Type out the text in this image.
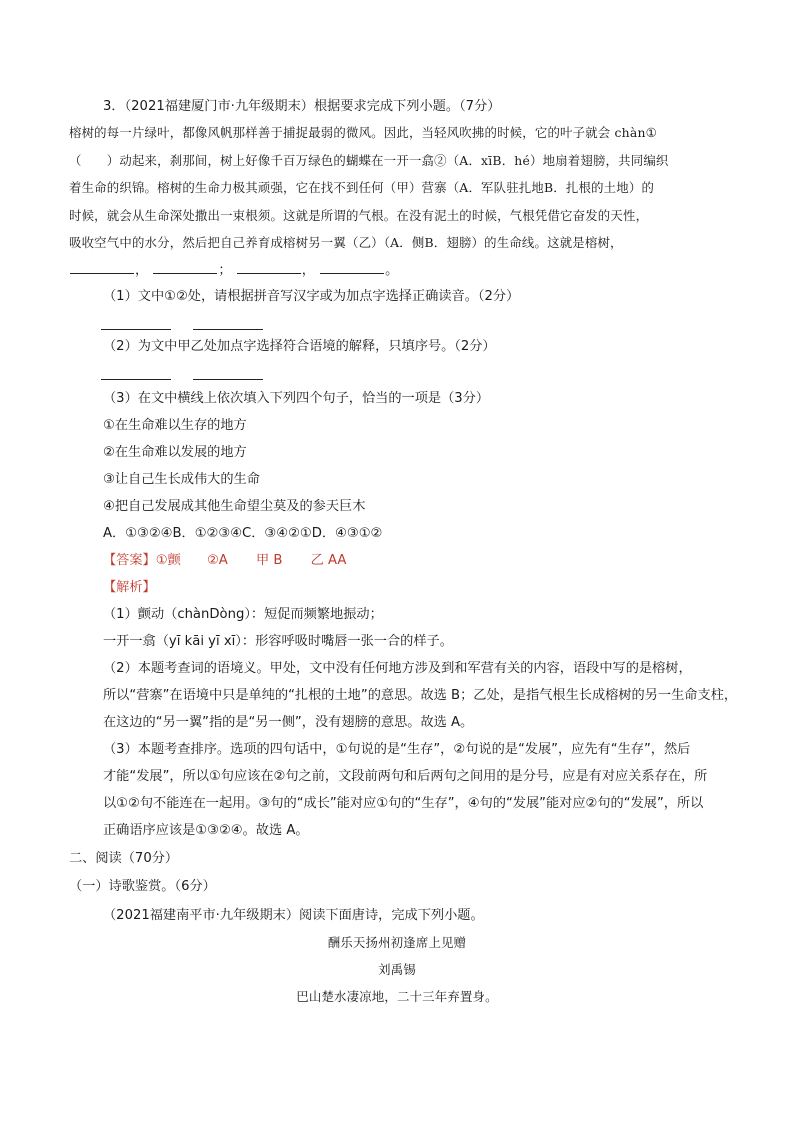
3．（2021福建厦门市·九年级期末）根据要求完成下列小题。（7分）
榕树的每一片绿叶，都像风帆那样善于捕捉最弱的微风。因此，当轻风吹拂的时候，它的叶子就会 chàn①
（　　）动起来，刹那间，树上好像千百万绿色的蝴蝶在一开一翕②（A．xīB．hé）地扇着翅膀，共同编织
着生命的织锦。榕树的生命力极其顽强，它在找不到任何（甲）营寨（A．军队驻扎地B．扎根的土地）的
时候，就会从生命深处撒出一束根须。这就是所谓的气根。在没有泥土的时候，气根凭借它奋发的天性，
吸收空气中的水分，然后把自己养育成榕树另一翼（乙）（A．侧B．翅膀）的生命线。这就是榕树，
，	；	，	。
（1）文中①②处，请根据拼音写汉字或为加点字选择正确读音。（2分）

（2）为文中甲乙处加点字选择符合语境的解释，只填序号。（2分）

（3）在文中横线上依次填入下列四个句子，恰当的一项是（3分）
①在生命难以生存的地方
②在生命难以发展的地方
③让自己生长成伟大的生命
④把自己发展成其他生命望尘莫及的参天巨木
A．①③②④B．①②③④C．③④②①D．④③①②
【答案】①颤 ②A 甲 B 乙 AA
【解析】
（1）颤动（chànDòng）：短促而频繁地振动；
一开一翕（yī kāi yī xī）：形容呼吸时嘴唇一张一合的样子。
（2）本题考查词的语境义。甲处，文中没有任何地方涉及到和军营有关的内容，语段中写的是榕树，
所以“营寨”在语境中只是单纯的“扎根的土地”的意思。故选 B；乙处，是指气根生长成榕树的另一生命支柱，
在这边的“另一翼”指的是“另一侧”，没有翅膀的意思。故选 A。
（3）本题考查排序。选项的四句话中，①句说的是“生存”，②句说的是“发展”，应先有“生存”，然后
才能“发展”，所以①句应该在②句之前，文段前两句和后两句之间用的是分号，应是有对应关系存在，所
以①②句不能连在一起用。③句的“成长”能对应①句的“生存”，④句的“发展”能对应②句的“发展”，所以
正确语序应该是①③②④。故选 A。
二、阅读（70分）
（一）诗歌鉴赏。（6分）
（2021福建南平市·九年级期末）阅读下面唐诗，完成下列小题。
酬乐天扬州初逢席上见赠
刘禹锡
巴山楚水凄凉地，二十三年弃置身。
